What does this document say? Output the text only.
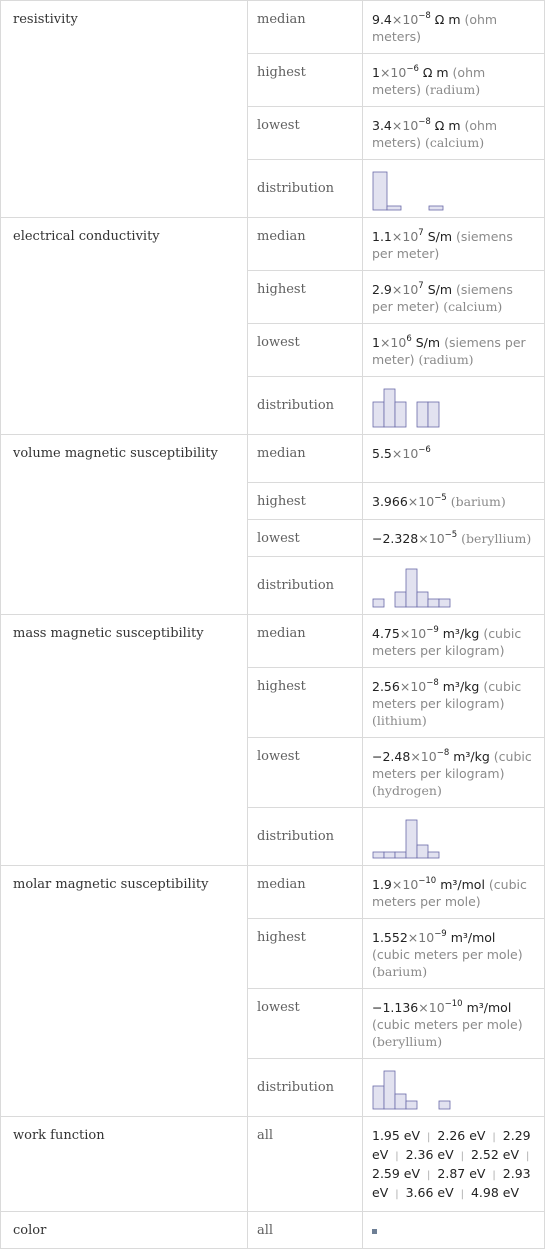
resistivity	median	$9.4\times 10^{-8}$ Ω m (ohm meters)
	highest	$1\times 10^{-6}$ Ω m (ohm meters) (radium)
	lowest	$3.4\times 10^{-8}$ Ω m (ohm meters) (calcium)
	distribution	

electrical conductivity	median	$1.1\times 10^7$ S/m (siemens per meter)
	highest	$2.9\times 10^7$ S/m (siemens per meter) (calcium)
	lowest	$1\times 10^6$ S/m (siemens per meter) (radium)
	distribution	

volume magnetic susceptibility	median	$5.5\times 10^{-6}$
	highest	$3.966\times 10^{-5}$ (barium)
	lowest	$-2.328\times 10^{-5}$ (beryllium)
	distribution	

mass magnetic susceptibility	median	$4.75\times 10^{-9}$ m³/kg (cubic meters per kilogram)
	highest	$2.56\times 10^{-8}$ m³/kg (cubic meters per kilogram) (lithium)
	lowest	$-2.48\times 10^{-8}$ m³/kg (cubic meters per kilogram) (hydrogen)
	distribution	

molar magnetic susceptibility	median	$1.9\times 10^{-10}$ m³/mol (cubic meters per mole)
	highest	$1.552\times 10^{-9}$ m³/mol (cubic meters per mole) (barium)
	lowest	$-1.136\times 10^{-10}$ m³/mol (cubic meters per mole) (beryllium)
	distribution	

work function	all	1.95 eV | 2.26 eV | 2.29 eV | 2.36 eV | 2.52 eV | 2.59 eV | 2.87 eV | 2.93 eV | 3.66 eV | 4.98 eV
color	all	
